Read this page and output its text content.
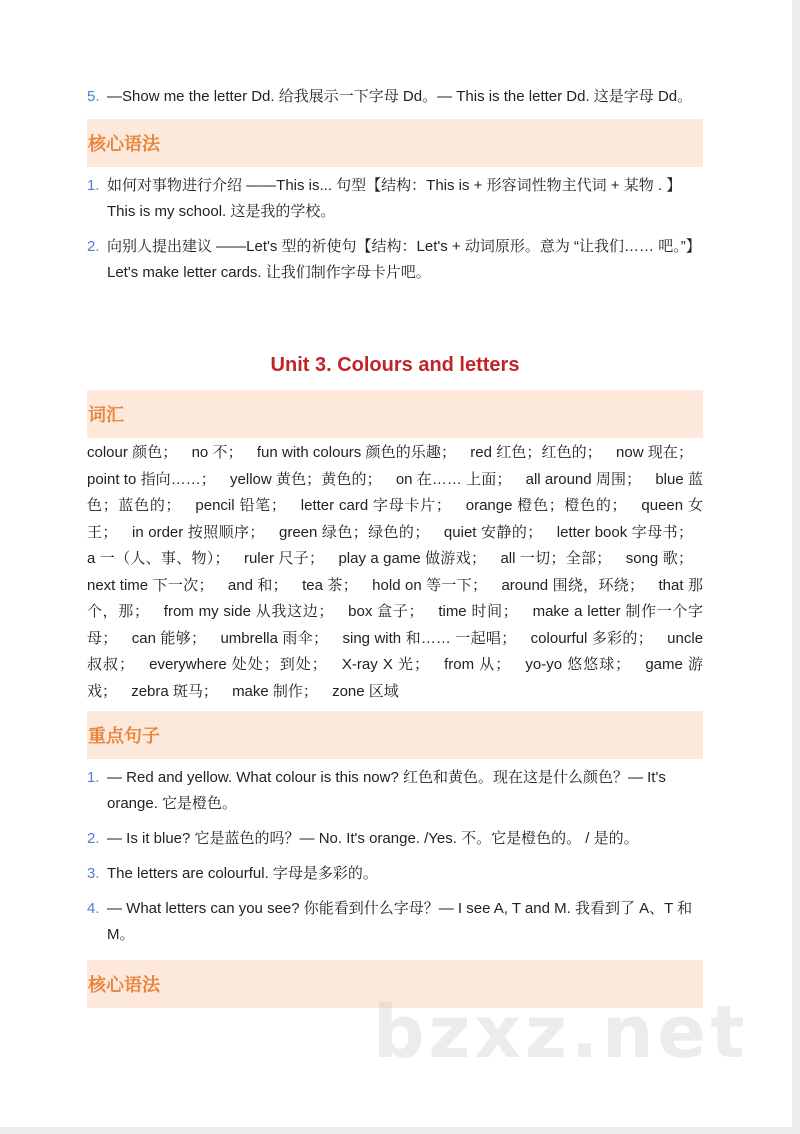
5. —Show me the letter Dd. 给我展示一下字母 Dd。— This is the letter Dd. 这是字母 Dd。
核心语法
1. 如何对事物进行介绍 ——This is... 句型【结构：This is + 形容词性物主代词 + 某物 . 】This is my school. 这是我的学校。
2. 向别人提出建议 ——Let's 型的祈使句【结构：Let's + 动词原形。意为 “让我们…… 吧。”】Let's make letter cards. 让我们制作字母卡片吧。
Unit 3. Colours and letters
词汇

colour 颜色； no 不； fun with colours 颜色的乐趣； red 红色；红色的； now 现在； point to 指向……； yellow 黄色；黄色的； on 在…… 上面； all around 周围； blue 蓝色；蓝色的； pencil 铅笔； letter card 字母卡片； orange 橙色；橙色的； queen 女王； in order 按照顺序； green 绿色；绿色的； quiet 安静的； letter book 字母书； a 一（人、事、物）； ruler 尺子； play a game 做游戏； all 一切；全部； song 歌； next time 下一次； and 和； tea 茶； hold on 等一下； around 围绕，环绕； that 那个，那； from my side 从我这边； box 盒子； time 时间； make a letter 制作一个字母； can 能够； umbrella 雨伞； sing with 和…… 一起唱； colourful 多彩的； uncle 叔叔； everywhere 处处；到处； X-ray X 光； from 从； yo-yo 悠悠球； game 游戏； zebra 斑马； make 制作； zone 区域

重点句子
1. — Red and yellow. What colour is this now? 红色和黄色。现在这是什么颜色？— It's orange. 它是橙色。
2. — Is it blue? 它是蓝色的吗？— No. It's orange. /Yes. 不。它是橙色的。 / 是的。
3. The letters are colourful. 字母是多彩的。
4. — What letters can you see? 你能看到什么字母？— I see A, T and M. 我看到了 A、T 和 M。
核心语法
bzxz.net
